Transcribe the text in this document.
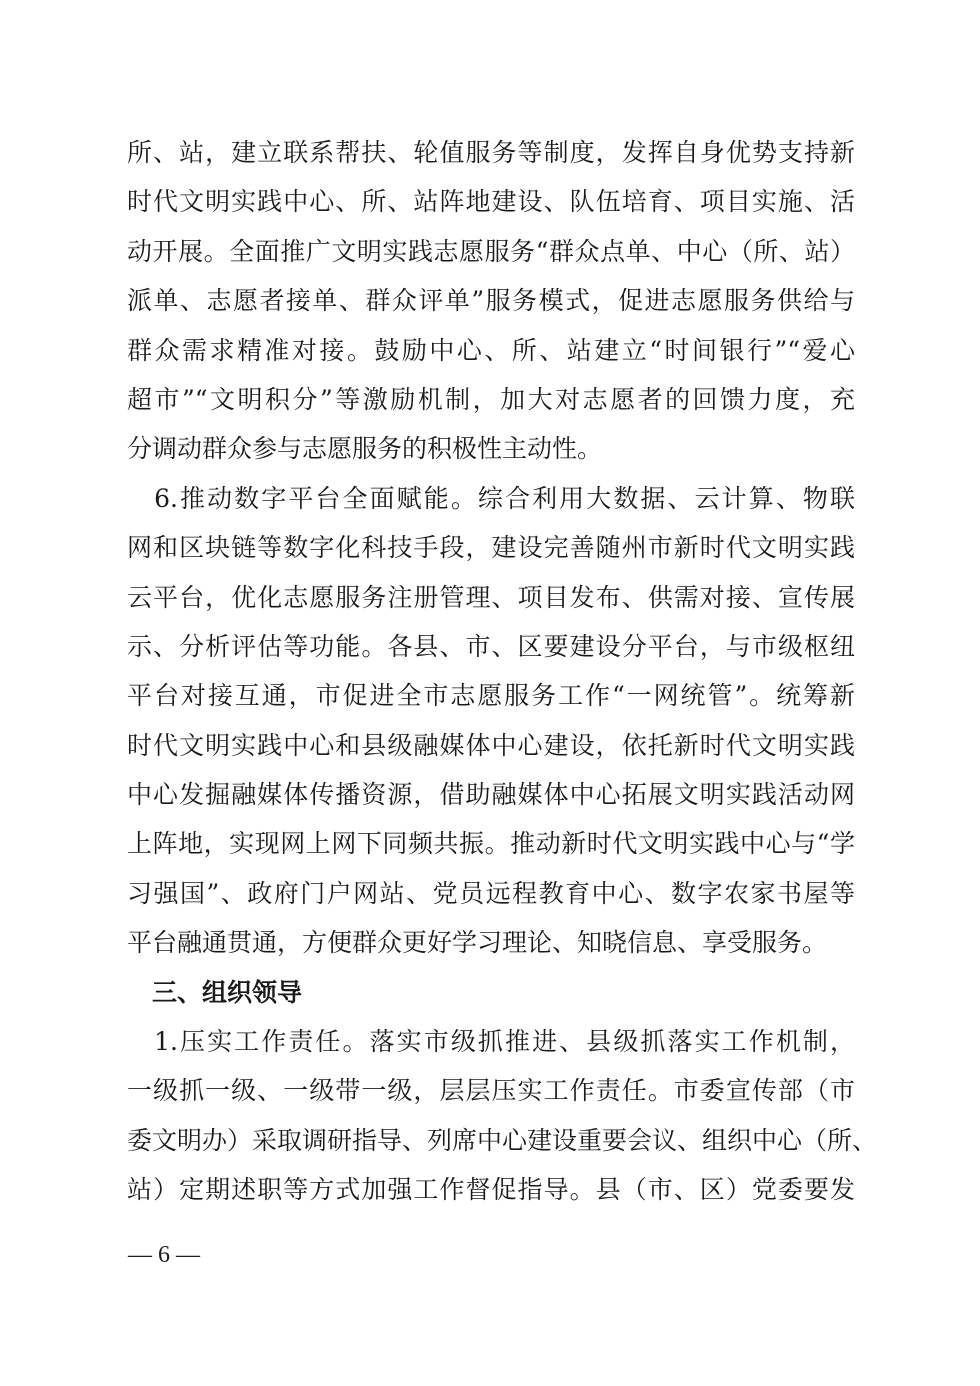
所、站，建立联系帮扶、轮值服务等制度，发挥自身优势支持新
时代文明实践中心、所、站阵地建设、队伍培育、项目实施、活
动开展。全面推广文明实践志愿服务“群众点单、中心（所、站）
派单、志愿者接单、群众评单”服务模式，促进志愿服务供给与
群众需求精准对接。鼓励中心、所、站建立“时间银行”“爱心
超市”“文明积分”等激励机制，加大对志愿者的回馈力度，充
分调动群众参与志愿服务的积极性主动性。
　6.推动数字平台全面赋能。综合利用大数据、云计算、物联
网和区块链等数字化科技手段，建设完善随州市新时代文明实践
云平台，优化志愿服务注册管理、项目发布、供需对接、宣传展
示、分析评估等功能。各县、市、区要建设分平台，与市级枢纽
平台对接互通，市促进全市志愿服务工作“一网统管”。统筹新
时代文明实践中心和县级融媒体中心建设，依托新时代文明实践
中心发掘融媒体传播资源，借助融媒体中心拓展文明实践活动网
上阵地，实现网上网下同频共振。推动新时代文明实践中心与“学
习强国”、政府门户网站、党员远程教育中心、数字农家书屋等
平台融通贯通，方便群众更好学习理论、知晓信息、享受服务。
　三、组织领导
　1.压实工作责任。落实市级抓推进、县级抓落实工作机制，
一级抓一级、一级带一级，层层压实工作责任。市委宣传部（市
委文明办）采取调研指导、列席中心建设重要会议、组织中心（所、
站）定期述职等方式加强工作督促指导。县（市、区）党委要发
— 6 —
